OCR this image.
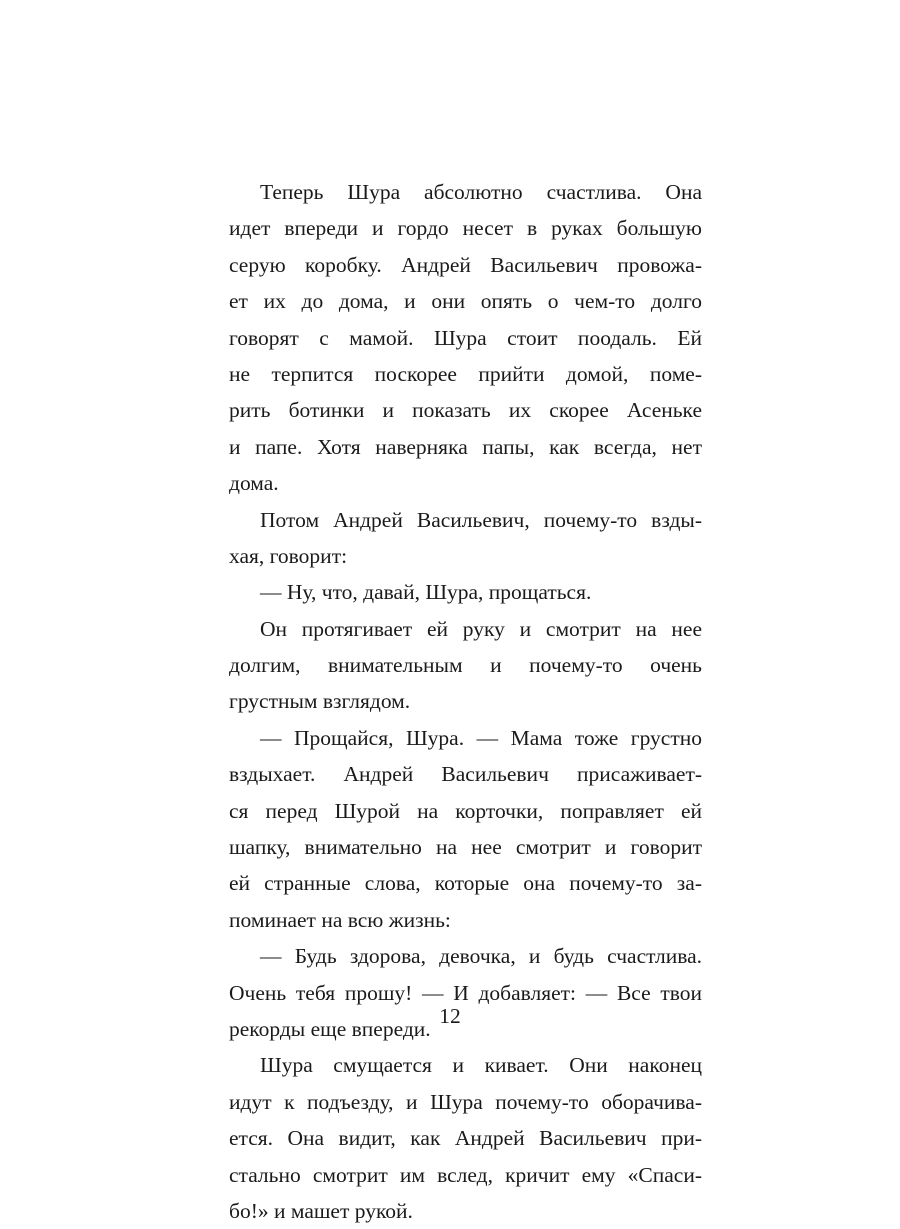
Теперь Шура абсолютно счастлива. Она
идет впереди и гордо несет в руках большую
серую коробку. Андрей Васильевич провожа-
ет их до дома, и они опять о чем-то долго
говорят с мамой. Шура стоит поодаль. Ей
не терпится поскорее прийти домой, поме-
рить ботинки и показать их скорее Асеньке
и папе. Хотя наверняка папы, как всегда, нет
дома.
Потом Андрей Васильевич, почему-то взды-
хая, говорит:
— Ну, что, давай, Шура, прощаться.
Он протягивает ей руку и смотрит на нее
долгим, внимательным и почему-то очень
грустным взглядом.
— Прощайся, Шура. — Мама тоже грустно
вздыхает. Андрей Васильевич присаживает-
ся перед Шурой на корточки, поправляет ей
шапку, внимательно на нее смотрит и говорит
ей странные слова, которые она почему-то за-
поминает на всю жизнь:
— Будь здорова, девочка, и будь счастлива.
Очень тебя прошу! — И добавляет: — Все твои
рекорды еще впереди.
Шура смущается и кивает. Они наконец
идут к подъезду, и Шура почему-то оборачива-
ется. Она видит, как Андрей Васильевич при-
стально смотрит им вслед, кричит ему «Спаси-
бо!» и машет рукой.
12
